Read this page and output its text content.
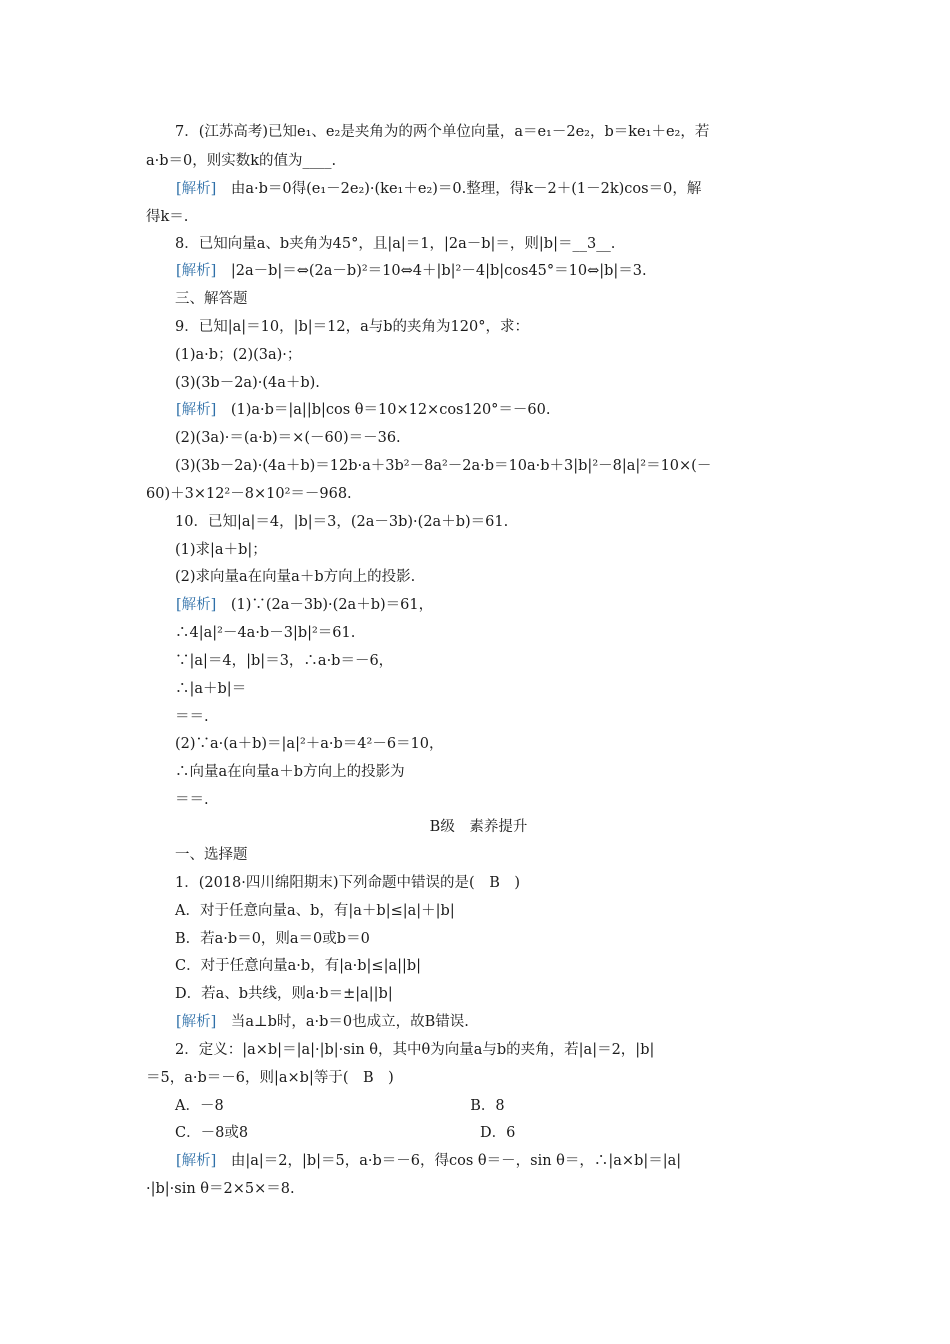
　　7．(江苏高考)已知e₁、e₂是夹角为的两个单位向量，a＝e₁－2e₂，b＝ke₁＋e₂，若
a·b＝0，则实数k的值为____.
[解析]　由a·b＝0得(e₁－2e₂)·(ke₁＋e₂)＝0.整理，得k－2＋(1－2k)cos＝0，解
得k＝.
　　8．已知向量a、b夹角为45°，且|a|＝1，|2a－b|＝，则|b|＝__3__.
[解析]　|2a－b|＝⇔(2a－b)²＝10⇔4＋|b|²－4|b|cos45°＝10⇔|b|＝3.
　　三、解答题
　　9．已知|a|＝10，|b|＝12，a与b的夹角为120°，求：
　　(1)a·b；(2)(3a)·；
　　(3)(3b－2a)·(4a＋b).
[解析]　(1)a·b＝|a||b|cos θ＝10×12×cos120°＝－60.
　　(2)(3a)·＝(a·b)＝×(－60)＝－36.
　　(3)(3b－2a)·(4a＋b)＝12b·a＋3b²－8a²－2a·b＝10a·b＋3|b|²－8|a|²＝10×(－
60)＋3×12²－8×10²＝－968.
　　10．已知|a|＝4，|b|＝3，(2a－3b)·(2a＋b)＝61.
　　(1)求|a＋b|；
　　(2)求向量a在向量a＋b方向上的投影.
[解析]　(1)∵(2a－3b)·(2a＋b)＝61，
　　∴4|a|²－4a·b－3|b|²＝61.
　　∵|a|＝4，|b|＝3，∴a·b＝－6，
　　∴|a＋b|＝
　　＝＝.
　　(2)∵a·(a＋b)＝|a|²＋a·b＝4²－6＝10，
　　∴向量a在向量a＋b方向上的投影为
　　＝＝.
B级　素养提升
　　一、选择题
　　1．(2018·四川绵阳期末)下列命题中错误的是(　B　)
　　A．对于任意向量a、b，有|a＋b|≤|a|＋|b|
　　B．若a·b＝0，则a＝0或b＝0
　　C．对于任意向量a·b，有|a·b|≤|a||b|
　　D．若a、b共线，则a·b＝±|a||b|
[解析]　当a⊥b时，a·b＝0也成立，故B错误.
　　2．定义：|a×b|＝|a|·|b|·sin θ，其中θ为向量a与b的夹角，若|a|＝2，|b|
＝5，a·b＝－6，则|a×b|等于(　B　)
　　A．－8　　　　　　　　　　　　　　　　　B．8
　　C．－8或8　　　　　　　　　　　　　　　　D．6
[解析]　由|a|＝2，|b|＝5，a·b＝－6，得cos θ＝－，sin θ＝，∴|a×b|＝|a|
·|b|·sin θ＝2×5×＝8.
